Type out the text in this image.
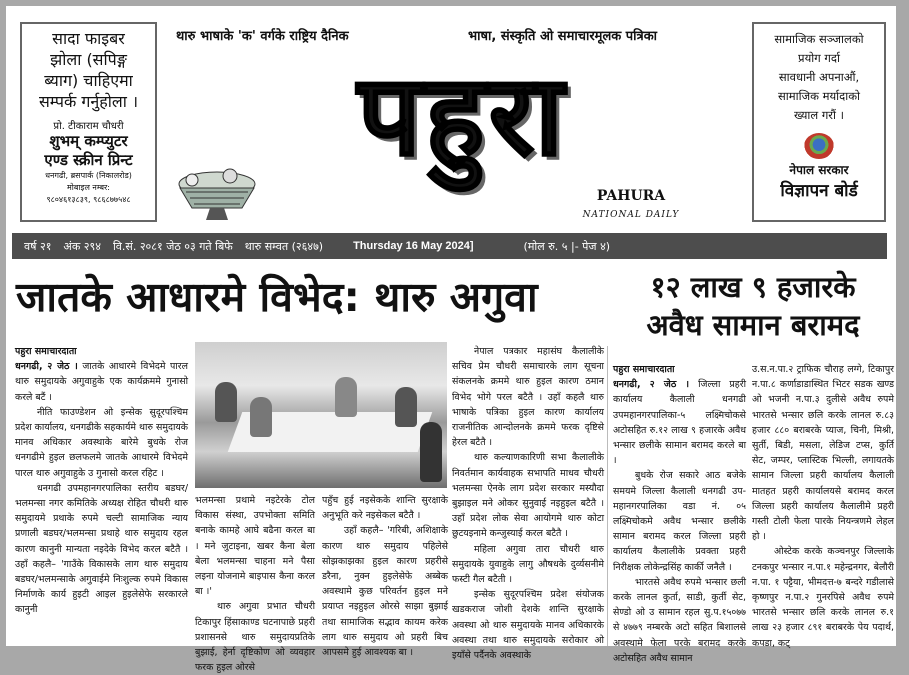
सादा फाइबर
झोला (सपिङ्ग
ब्याग) चाहिएमा
सम्पर्क गर्नुहोला ।
प्रो. टीकाराम चौधरी
शुभम् कम्प्युटर
एण्ड स्क्रीन प्रिन्ट
धनगढी, ब्रसपार्क (निकालरोड)
मोबाइल नम्बर:
९८०४६१३८३९, ९८६८७७५४८
थारु भाषाके 'क' वर्गके राष्ट्रिय दैनिक	भाषा, संस्कृति ओ समाचारमूलक पत्रिका
पहुरा
PAHURA
NATIONAL DAILY
सामाजिक सञ्जालको
प्रयोग गर्दा
सावधानी अपनाऔं,
सामाजिक मर्यादाको
ख्याल गरौं ।
नेपाल सरकार
विज्ञापन बोर्ड
वर्ष २१ अंक २९४ वि.सं. २०८१ जेठ ०३ गते बिफे थारु सम्वत (२६४७)	Thursday 16 May 2024]	(मोल रु. ५ |- पेज ४)
जातके आधारमे विभेद: थारु अगुवा	१२ लाख ९ हजारके
अवैध सामान बरामद

पहुरा समाचारदाता

धनगढी, २ जेठ । जातके आधारमे विभेदमे पारल थारु समुदायके अगुवाहुके एक कार्यक्रममे गुनासो करले बटैं ।

नीति फाउण्डेशन ओ इन्सेक सुदूरपश्चिम प्रदेश कार्यालय, धनगढीके सहकार्यमे थारु समुदायके मानव अधिकार अवस्थाके बारेमे बुधके रोज धनगढीमे हुइल छलफलमे जातके आधारमे विभेदमे पारल थारु अगुवाहुके उ गुनासो करल रहिट ।

धनगढी उपमहानगरपालिका स्तरीय बडघर/भलमन्सा नगर कमितिके अध्यक्ष रोहित चौधरी थारु समुदायमे प्रथाके रुपमे चल्टी सामाजिक न्याय प्रणाली बडघर/भलमन्सा प्रथाहे थारु समुदाय रहल कारण कानुनी मान्यता नइदेके विभेद करल बटैतै । उहाँ कहलै– 'गाउँके विकासके लाग थारु समुदाय बडघर/भलमन्साके अगुवाईमे निःशुल्क रुपमे विकास निर्माणके कार्य हुइटी आइल हुइलेसेफे सरकारले कानुनी

भलमन्सा प्रथामे नइटेरके टोल विकास संस्था, उपभोक्ता समिति बनाके कामहे आघे बढैना करल बा । मने जुटाइना, खबर कैना बेला बेला भलमन्सा चाहना मने पैसा लइना योजनामे बाइपास कैना करल बा ।'

थारु अगुवा प्रभात चौधरी टिकापुर हिंसाकाण्ड घटनापाछे प्रहरी प्रशासनसे थारु समुदायप्रतिके बुझाई, हेर्ना दृष्टिकोण ओ व्यवहार फरक हुइल ओरसे

पहुँच हुई नइसेकके शान्ति सुरक्षाके अनुभूति करे नइसेकल बटैतै ।

उहाँ कहलै– 'गरिबी, अशिक्षाके कारण थारु समुदाय पहिलेसे सोझकाझका हुइल कारण प्रहरीसे डरैना, नुक्न हुइलेसेफे अब्बेक अवस्थामे कुछ परिवर्तन हुइल मने प्रयाप्त नइहुइल ओरसे साझा बुझाई तथा सामाजिक सद्भाव कायम करेक लाग थारु समुदाय ओ प्रहरी बिच आपसमे हुई आवश्यक बा ।

नेपाल पत्रकार महासंघ कैलालीके सचिव प्रेम चौधरी समाचारके लाग सूचना संकलनके क्रममे थारु हुइल कारण ठमान विभेद भोगे परल बटैतै । उहाँ कहलै थारु भाषाके पत्रिका हुइल कारण कार्यालय राजनीतिक आन्दोलनके क्रममे फरक दृष्टिसे हेरल बटैतै ।

थारु कल्याणकारिणी सभा कैलालीके निवर्तमान कार्यवाहक सभापति माधव चौधरी भलमन्सा ऐनके लाग प्रदेश सरकार मस्यौदा बुझाइल मने ओकर सुनुवाई नइहुइल बटैतै । उहाँ प्रदेश लोक सेवा आयोगमे थारु कोटा छुटयइनामे कन्जुस्याई करल बटैतै ।

महिला अगुवा तारा चौधरी थारु समुदायके युवाहुके लागु औषधके दुर्व्यसनीमे फस्टी गैल बटैती ।

इन्सेक सुदूरपश्चिम प्रदेश संयोजक खडकराज जोशी देशके शान्ति सुरक्षाके अवस्था ओ थारु समुदायके मानव अधिकारके अवस्था तथा थारु समुदायके सरोकार ओ इयाँसे पर्दैनके अवस्थाके

पहुरा समाचारदाता

धनगढी, २ जेठ । जिल्ला प्रहरी कार्यालय कैलाली धनगढी उपमहानगरपालिका-५ लक्ष्मिचोकसे अटोसहित रु.१२ लाख ९ हजारके अवैध भन्सार छलीके सामान बरामद करले बा ।

बुधके रोज सकारे आठ बजेके समयमे जिल्ला कैलाली धनगढी उप-महानगरपालिका वडा नं. ०५ लक्ष्मिचोकमे अवैध भन्सार छलीके सामान बरामद करल जिल्ला प्रहरी कार्यालय कैलालीके प्रवक्ता प्रहरी निरीक्षक लोकेन्द्रसिंह कार्की जनैलै ।

भारतसे अवैध रुपमे भन्सार छली करके लानल कुर्ता, साडी, कुर्ती सेट, सेण्डो ओ उ सामान रहल सु.प.१५०७७ से ४७७९ नम्बरके अटो सहित बिशालसे अवस्थामे फेला परके बरामद करके अटोसहित अवैध सामान

उ.स.न.पा.२ ट्राफिक चौराह लग्गे, टिकापुर न.पा.८ कर्णाडाडास्थित भिटर सडक खण्ड ओ भजनी न.पा.३ दुलीसे अवैध रुपमे भारतसे भन्सार छलि करके लानल रु.८३ हजार ८८० बराबरके प्याज, चिनी, मिश्री, सुर्ती, बिडी, मसला, लेडिज टप्स, कुर्ति सेट, जम्पर, प्लास्टिक भिल्ली, लगायतके सामान जिल्ला प्रहरी कार्यालय कैलाली मातहत प्रहरी कार्यालयसे बरामद करल जिल्ला प्रहरी कार्यालय कैलालीमे प्रहरी गस्ती टोली फेला पारके नियन्त्रणमे लेहल हो ।

ओस्टेक करके कञ्चनपुर जिल्लाके टनकपुर भन्सार न.पा.१ महेन्द्रनगर, बेलौरी न.पा. १ पट्टैया, भीमदत्त-७ बन्दरे गडीलासे कृष्णपुर न.पा.२ गुनरपिसे अवैध रुपमे भारतसे भन्सार छलि करके लानल रु.१ लाख २३ हजार ८९१ बराबरके पेय पदार्थ, कपडा, कट्
